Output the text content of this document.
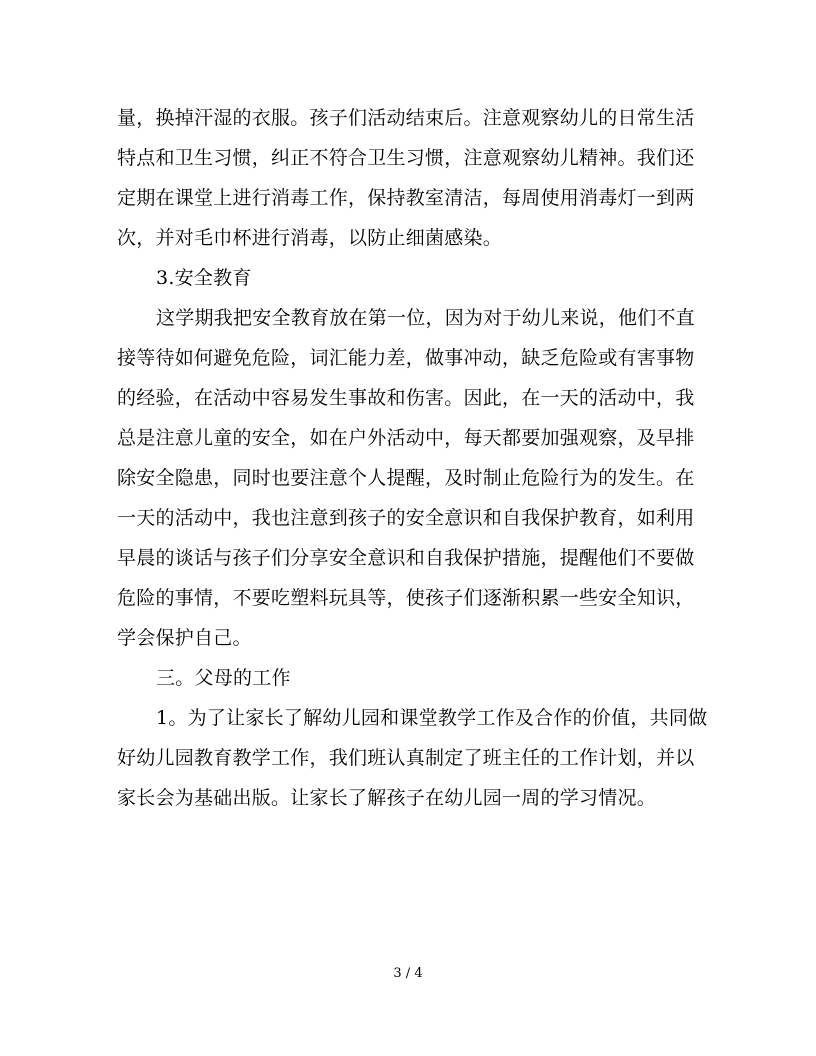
量，换掉汗湿的衣服。孩子们活动结束后。注意观察幼儿的日常生活
特点和卫生习惯，纠正不符合卫生习惯，注意观察幼儿精神。我们还
定期在课堂上进行消毒工作，保持教室清洁，每周使用消毒灯一到两
次，并对毛巾杯进行消毒，以防止细菌感染。
3.安全教育
这学期我把安全教育放在第一位，因为对于幼儿来说，他们不直
接等待如何避免危险，词汇能力差，做事冲动，缺乏危险或有害事物
的经验，在活动中容易发生事故和伤害。因此，在一天的活动中，我
总是注意儿童的安全，如在户外活动中，每天都要加强观察，及早排
除安全隐患，同时也要注意个人提醒，及时制止危险行为的发生。在
一天的活动中，我也注意到孩子的安全意识和自我保护教育，如利用
早晨的谈话与孩子们分享安全意识和自我保护措施，提醒他们不要做
危险的事情，不要吃塑料玩具等，使孩子们逐渐积累一些安全知识，
学会保护自己。
三。父母的工作
1。为了让家长了解幼儿园和课堂教学工作及合作的价值，共同做
好幼儿园教育教学工作，我们班认真制定了班主任的工作计划，并以
家长会为基础出版。让家长了解孩子在幼儿园一周的学习情况。
3 / 4
